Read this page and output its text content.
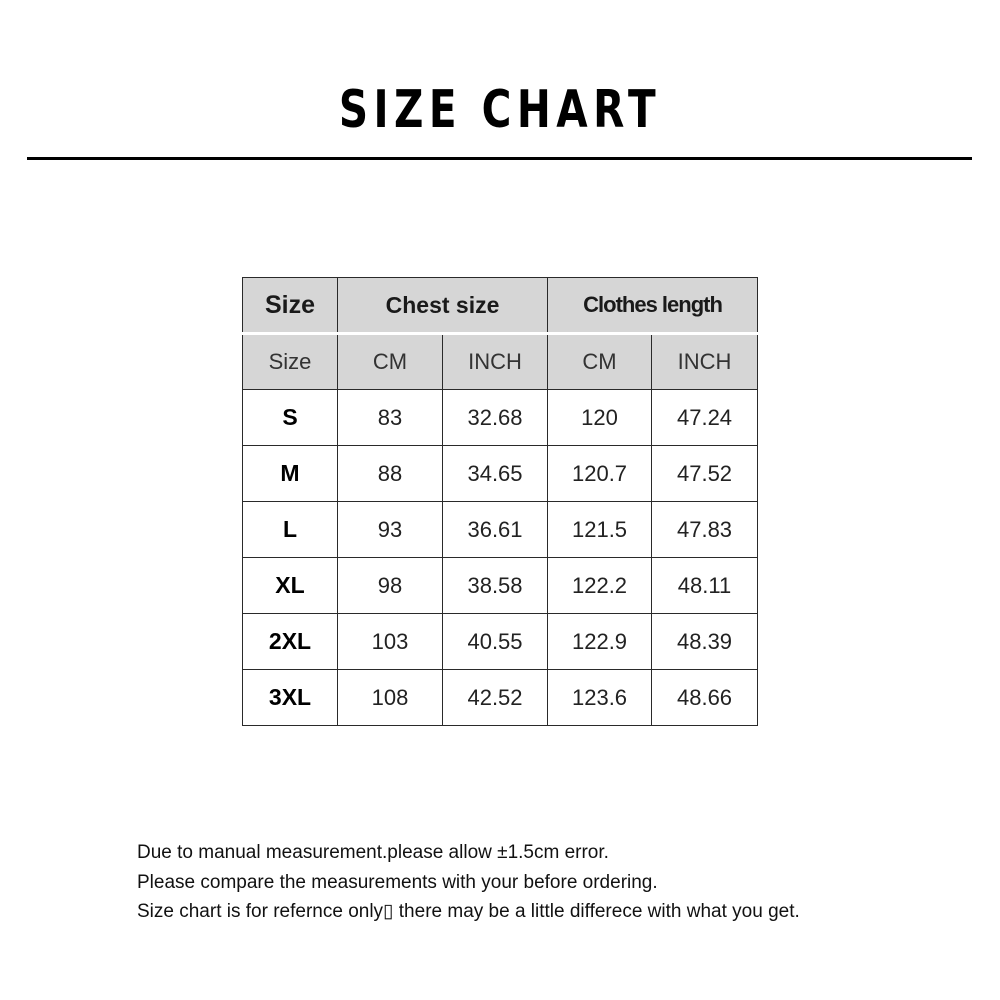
SIZE CHART
Size	Chest size		Clothes length	
Size	CM	INCH	CM	INCH
S	83	32.68	120	47.24
M	88	34.65	120.7	47.52
L	93	36.61	121.5	47.83
XL	98	38.58	122.2	48.11
2XL	103	40.55	122.9	48.39
3XL	108	42.52	123.6	48.66

Due to manual measurement.please allow ±1.5cm error.

Please compare the measurements with your before ordering.

Size chart is for refernce only▯ there may be a little differece with what you get.
